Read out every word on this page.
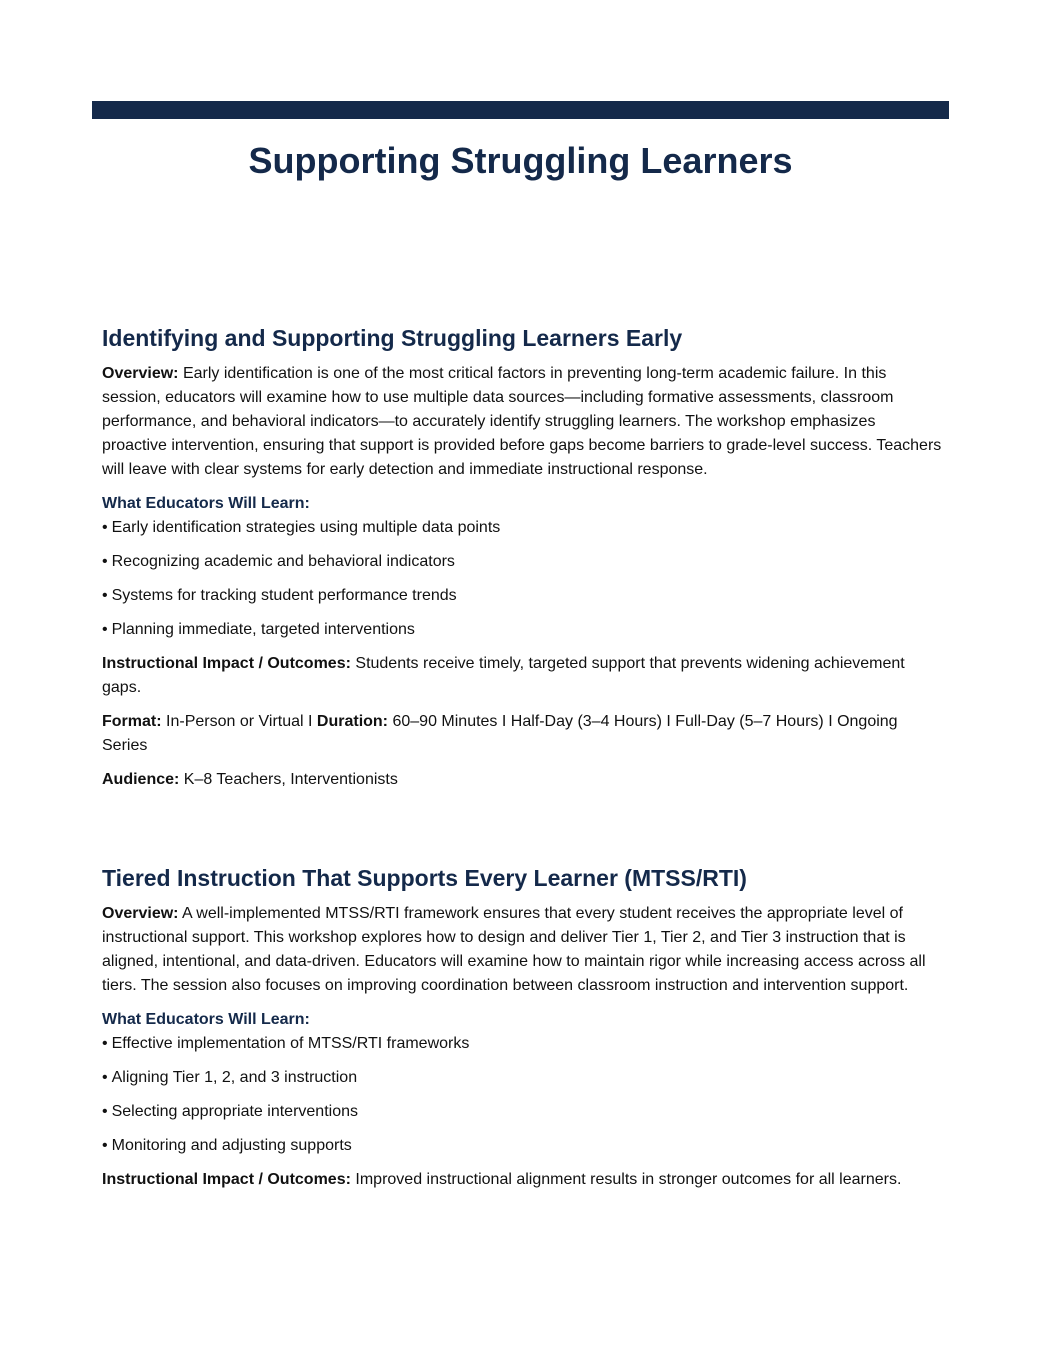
Supporting Struggling Learners
Identifying and Supporting Struggling Learners Early

Overview: Early identification is one of the most critical factors in preventing long-term academic failure. In this session, educators will examine how to use multiple data sources—including formative assessments, classroom performance, and behavioral indicators—to accurately identify struggling learners. The workshop emphasizes proactive intervention, ensuring that support is provided before gaps become barriers to grade-level success. Teachers will leave with clear systems for early detection and immediate instructional response.

What Educators Will Learn:

• Early identification strategies using multiple data points
• Recognizing academic and behavioral indicators
• Systems for tracking student performance trends
• Planning immediate, targeted interventions

Instructional Impact / Outcomes: Students receive timely, targeted support that prevents widening achievement gaps.

Format: In-Person or Virtual I Duration: 60–90 Minutes I Half-Day (3–4 Hours) I Full-Day (5–7 Hours) I Ongoing Series

Audience: K–8 Teachers, Interventionists

Tiered Instruction That Supports Every Learner (MTSS/RTI)

Overview: A well-implemented MTSS/RTI framework ensures that every student receives the appropriate level of instructional support. This workshop explores how to design and deliver Tier 1, Tier 2, and Tier 3 instruction that is aligned, intentional, and data-driven. Educators will examine how to maintain rigor while increasing access across all tiers. The session also focuses on improving coordination between classroom instruction and intervention support.

What Educators Will Learn:

• Effective implementation of MTSS/RTI frameworks
• Aligning Tier 1, 2, and 3 instruction
• Selecting appropriate interventions
• Monitoring and adjusting supports

Instructional Impact / Outcomes: Improved instructional alignment results in stronger outcomes for all learners.
